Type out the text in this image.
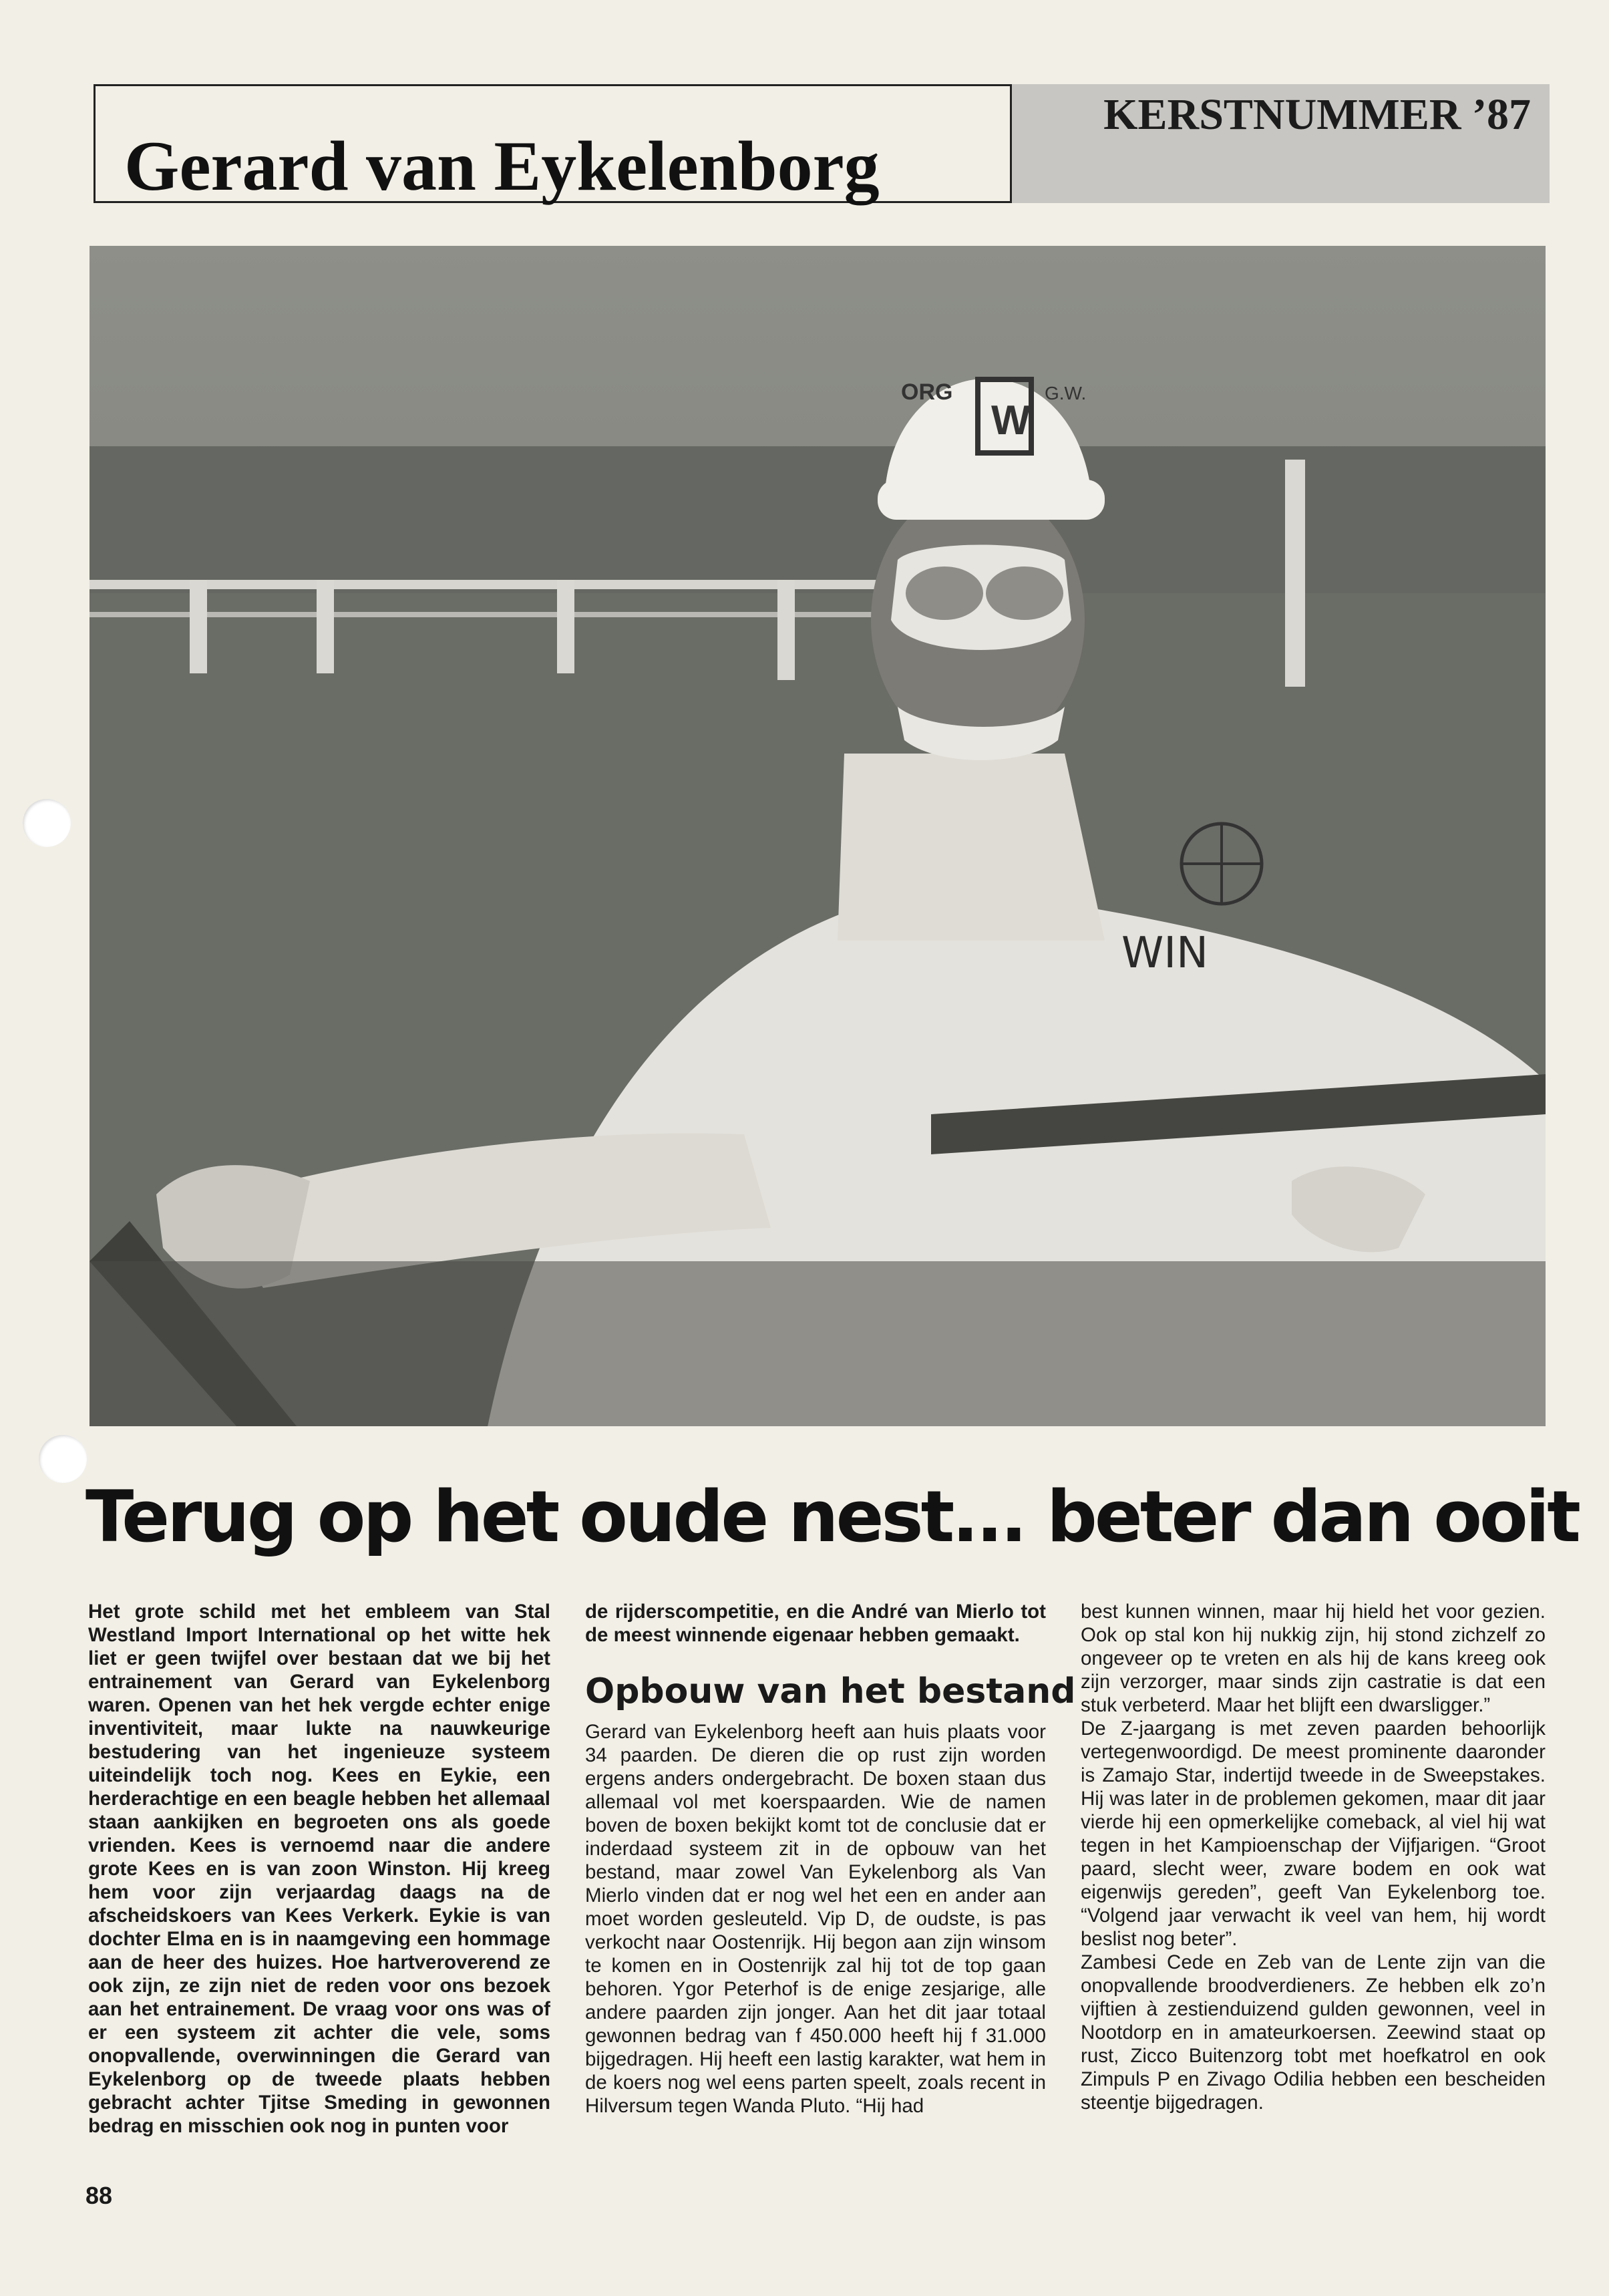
KERSTNUMMER ’87
Gerard van Eykelenborg
W
ORG	G.W.
WIN
Terug op het oude nest... beter dan ooit

Het grote schild met het embleem van Stal Westland Import International op het witte hek liet er geen twijfel over bestaan dat we bij het entrainement van Gerard van Eykelenborg waren. Openen van het hek vergde echter enige inventiviteit, maar lukte na nauwkeurige bestudering van het ingenieuze systeem uiteindelijk toch nog. Kees en Eykie, een herderachtige en een beagle hebben het allemaal staan aankijken en begroeten ons als goede vrienden. Kees is vernoemd naar die andere grote Kees en is van zoon Winston. Hij kreeg hem voor zijn verjaardag daags na de afscheidskoers van Kees Verkerk. Eykie is van dochter Elma en is in naamgeving een hommage aan de heer des huizes. Hoe hartveroverend ze ook zijn, ze zijn niet de reden voor ons bezoek aan het entrainement. De vraag voor ons was of er een systeem zit achter die vele, soms onopvallende, overwinningen die Gerard van Eykelenborg op de tweede plaats hebben gebracht achter Tjitse Smeding in gewonnen bedrag en misschien ook nog in punten voor

de rijderscompetitie, en die André van Mierlo tot de meest winnende eigenaar hebben gemaakt.

Opbouw van het bestand

Gerard van Eykelenborg heeft aan huis plaats voor 34 paarden. De dieren die op rust zijn worden ergens anders ondergebracht. De boxen staan dus allemaal vol met koerspaarden. Wie de namen boven de boxen bekijkt komt tot de conclusie dat er inderdaad systeem zit in de opbouw van het bestand, maar zowel Van Eykelenborg als Van Mierlo vinden dat er nog wel het een en ander aan moet worden gesleuteld. Vip D, de oudste, is pas verkocht naar Oostenrijk. Hij begon aan zijn winsom te komen en in Oostenrijk zal hij tot de top gaan behoren. Ygor Peterhof is de enige zesjarige, alle andere paarden zijn jonger. Aan het dit jaar totaal gewonnen bedrag van f 450.000 heeft hij f 31.000 bijgedragen. Hij heeft een lastig karakter, wat hem in de koers nog wel eens parten speelt, zoals recent in Hilversum tegen Wanda Pluto. “Hij had

best kunnen winnen, maar hij hield het voor gezien. Ook op stal kon hij nukkig zijn, hij stond zichzelf zo ongeveer op te vreten en als hij de kans kreeg ook zijn verzorger, maar sinds zijn castratie is dat een stuk verbeterd. Maar het blijft een dwarsligger.”

De Z-jaargang is met zeven paarden behoorlijk vertegenwoordigd. De meest prominente daaronder is Zamajo Star, indertijd tweede in de Sweepstakes. Hij was later in de problemen gekomen, maar dit jaar vierde hij een opmerkelijke comeback, al viel hij wat tegen in het Kampioenschap der Vijfjarigen. “Groot paard, slecht weer, zware bodem en ook wat eigenwijs gereden”, geeft Van Eykelenborg toe. “Volgend jaar verwacht ik veel van hem, hij wordt beslist nog beter”.

Zambesi Cede en Zeb van de Lente zijn van die onopvallende broodverdieners. Ze hebben elk zo’n vijftien à zestienduizend gulden gewonnen, veel in Nootdorp en in amateurkoersen. Zeewind staat op rust, Zicco Buitenzorg tobt met hoefkatrol en ook Zimpuls P en Zivago Odilia hebben een bescheiden steentje bijgedragen.

88
